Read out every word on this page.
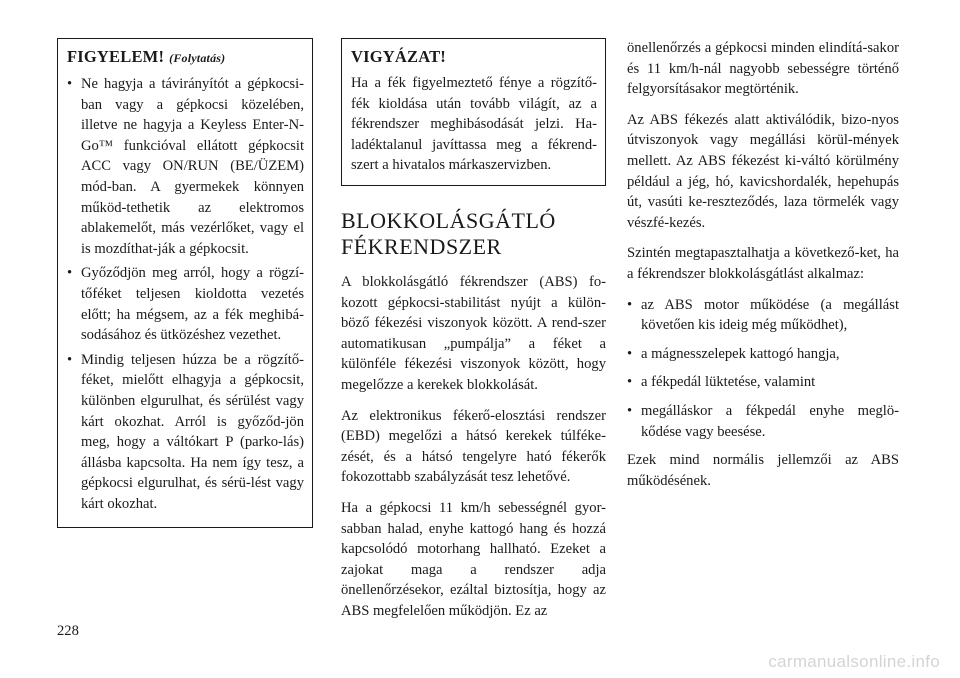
FIGYELEM! (Folytatás)
• Ne hagyja a távirányítót a gépkocsi-ban vagy a gépkocsi közelében, illetve ne hagyja a Keyless Enter-N-Go™ funkcióval ellátott gépkocsit ACC vagy ON/RUN (BE/ÜZEM) mód-ban. A gyermekek könnyen működ-tethetik az elektromos ablakemelőt, más vezérlőket, vagy el is mozdíthat-ják a gépkocsit.
• Győződjön meg arról, hogy a rögzí-tőféket teljesen kioldotta vezetés előtt; ha mégsem, az a fék meghibá-sodásához és ütközéshez vezethet.
• Mindig teljesen húzza be a rögzítő-féket, mielőtt elhagyja a gépkocsit, különben elgurulhat, és sérülést vagy kárt okozhat. Arról is győződ-jön meg, hogy a váltókart P (parko-lás) állásba kapcsolta. Ha nem így tesz, a gépkocsi elgurulhat, és sérü-lést vagy kárt okozhat.
VIGYÁZAT!

Ha a fék figyelmeztető fénye a rögzítő-fék kioldása után tovább világít, az a fékrendszer meghibásodását jelzi. Ha-ladéktalanul javíttassa meg a fékrend-szert a hivatalos márkaszervizben.

BLOKKOLÁSGÁTLÓ
FÉKRENDSZER

A blokkolásgátló fékrendszer (ABS) fo-kozott gépkocsi-stabilitást nyújt a külön-böző fékezési viszonyok között. A rend-szer automatikusan „pumpálja” a féket a különféle fékezési viszonyok között, hogy megelőzze a kerekek blokkolását.

Az elektronikus fékerő-elosztási rendszer (EBD) megelőzi a hátsó kerekek túlféke-zését, és a hátsó tengelyre ható fékerők fokozottabb szabályzását tesz lehetővé.

Ha a gépkocsi 11 km/h sebességnél gyor-sabban halad, enyhe kattogó hang és hozzá kapcsolódó motorhang hallható. Ezeket a zajokat maga a rendszer adja önellenőrzésekor, ezáltal biztosítja, hogy az ABS megfelelően működjön. Ez az

önellenőrzés a gépkocsi minden elindítá-sakor és 11 km/h-nál nagyobb sebességre történő felgyorsításakor megtörténik.

Az ABS fékezés alatt aktiválódik, bizo-nyos útviszonyok vagy megállási körül-mények mellett. Az ABS fékezést ki-váltó körülmény például a jég, hó, kavicshordalék, hepehupás út, vasúti ke-reszteződés, laza törmelék vagy vészfé-kezés.

Szintén megtapasztalhatja a következő-ket, ha a fékrendszer blokkolásgátlást alkalmaz:

• az ABS motor működése (a megállást követően kis ideig még működhet),
• a mágnesszelepek kattogó hangja,
• a fékpedál lüktetése, valamint
• megálláskor a fékpedál enyhe meglö-kődése vagy beesése.

Ezek mind normális jellemzői az ABS működésének.

228
carmanualsonline.info
